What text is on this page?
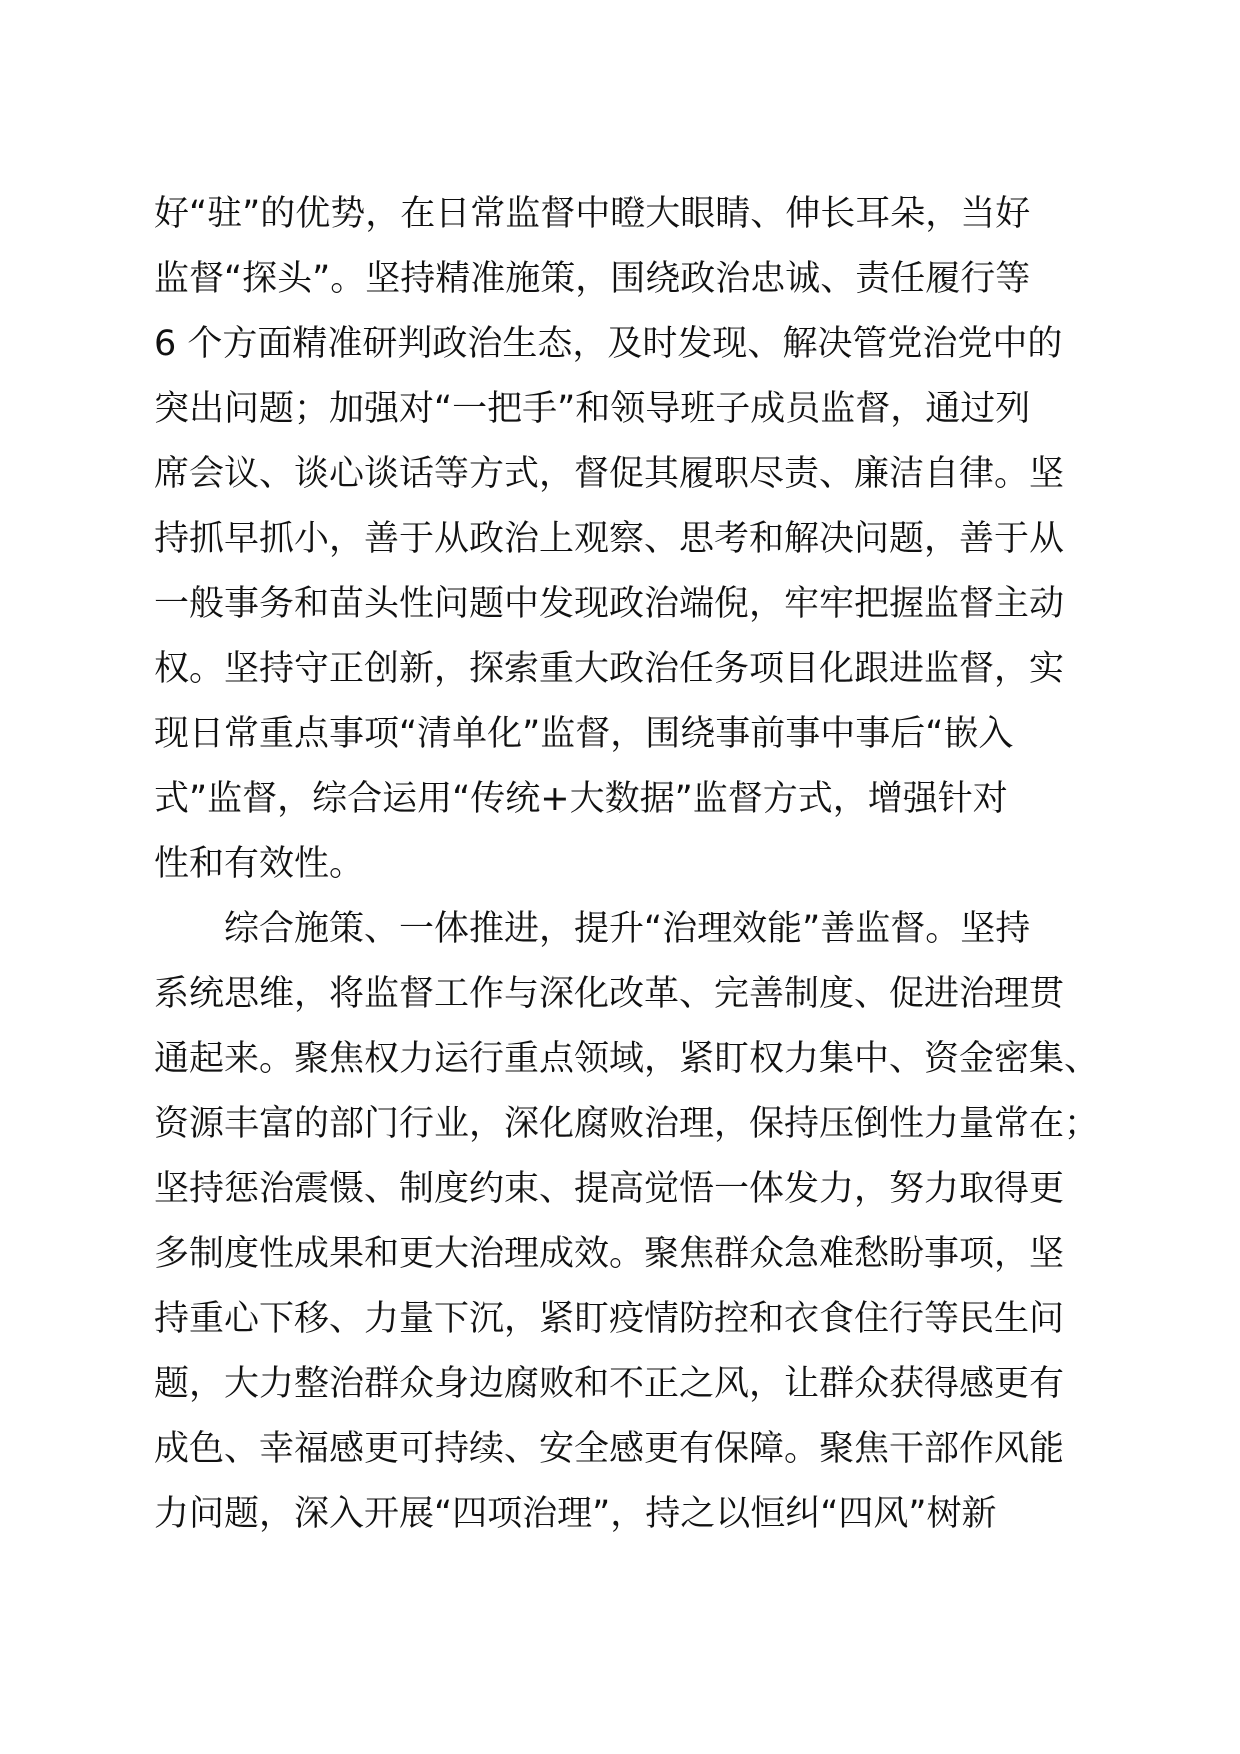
好“驻”的优势，在日常监督中瞪大眼睛、伸长耳朵，当好
监督“探头”。坚持精准施策，围绕政治忠诚、责任履行等
6 个方面精准研判政治生态，及时发现、解决管党治党中的
突出问题；加强对“一把手”和领导班子成员监督，通过列
席会议、谈心谈话等方式，督促其履职尽责、廉洁自律。坚
持抓早抓小，善于从政治上观察、思考和解决问题，善于从
一般事务和苗头性问题中发现政治端倪，牢牢把握监督主动
权。坚持守正创新，探索重大政治任务项目化跟进监督，实
现日常重点事项“清单化”监督，围绕事前事中事后“嵌入
式”监督，综合运用“传统+大数据”监督方式，增强针对
性和有效性。
综合施策、一体推进，提升“治理效能”善监督。坚持
系统思维，将监督工作与深化改革、完善制度、促进治理贯
通起来。聚焦权力运行重点领域，紧盯权力集中、资金密集、
资源丰富的部门行业，深化腐败治理，保持压倒性力量常在；
坚持惩治震慑、制度约束、提高觉悟一体发力，努力取得更
多制度性成果和更大治理成效。聚焦群众急难愁盼事项，坚
持重心下移、力量下沉，紧盯疫情防控和衣食住行等民生问
题，大力整治群众身边腐败和不正之风，让群众获得感更有
成色、幸福感更可持续、安全感更有保障。聚焦干部作风能
力问题，深入开展“四项治理”，持之以恒纠“四风”树新
